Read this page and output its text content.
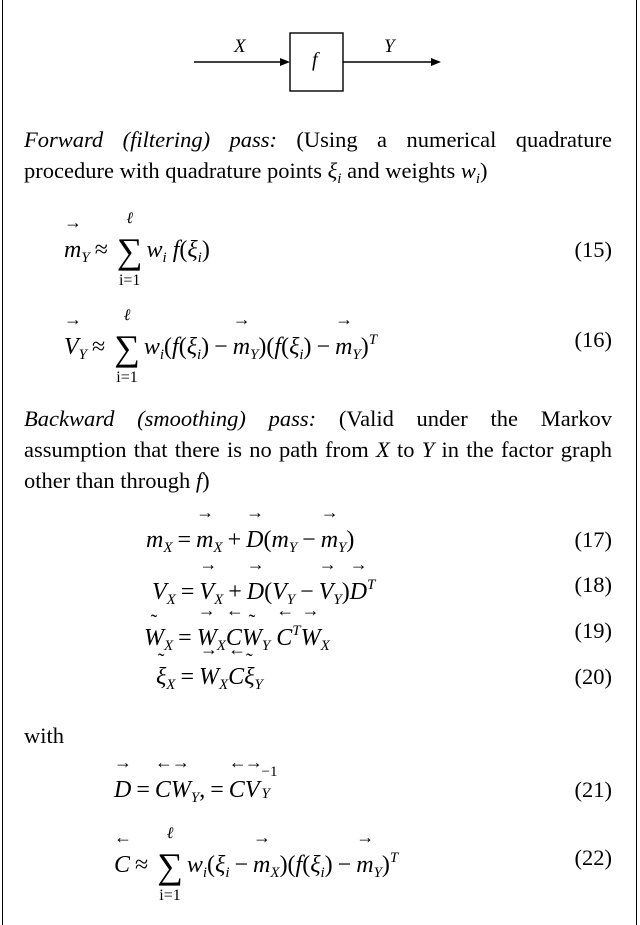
X
f
Y
Forward (filtering) pass: (Using a numerical quadrature procedure with quadrature points $\xi_i$ and weights $w_i$)
→ $m_Y$ ≈ ∑
ℓ
i=1
$w_i$ $f(\xi_i)$	(15)
→ $V_Y$ ≈ ∑
ℓ
i=1
$w_i(f(\xi_i) -\to m_Y)(f(\xi_i) -\to m_Y)^T$	(16)
Backward (smoothing) pass: (Valid under the Markov assumption that there is no path from X to Y in the factor graph other than through f)
$m_X =\to m_X +\to D(m_Y -\to m_Y)$	(17)
$V_X =\to V_X +\to D(V_Y -\to V_Y)\to D^T$	(18)
˜ $W_X$ =→ $W_X\leftarrow$ C˜ $W_Y$ ← $C^T\to W_X$
(19)
˜ $\xi_X$ =→ $W_X\leftarrow$ C˜ $\xi_Y$	(20)
with
→ D =← $C\to W_Y$, =← C→ V
−1
Y	(21)
← C ≈ ∑
ℓ
i=1
$w_i(\xi_i -\to m_X)(f(\xi_i) -\to m_Y)^T$	(22)
